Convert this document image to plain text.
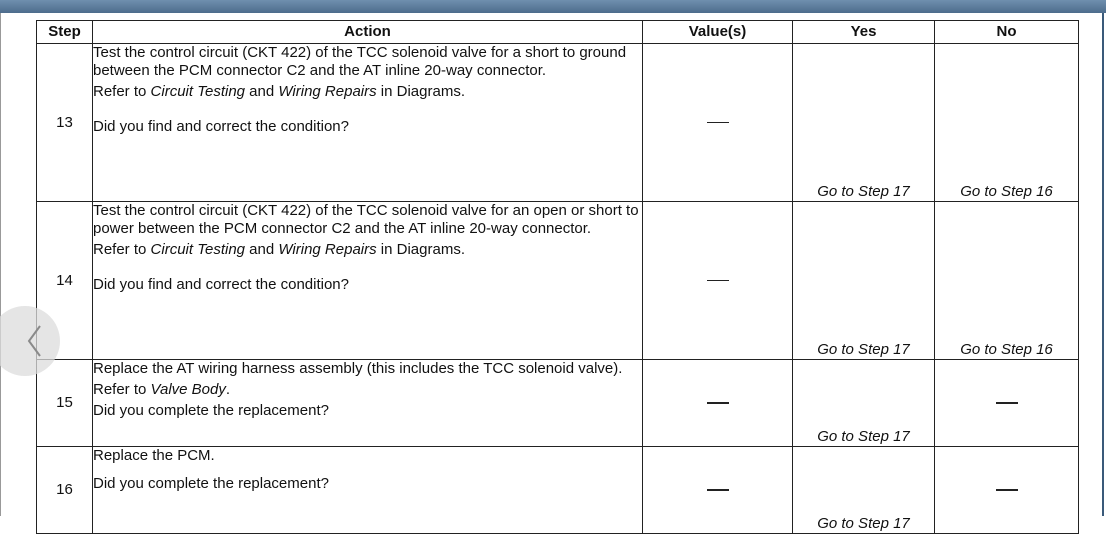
Step	Action	Value(s)	Yes	No
13	Test the control circuit (CKT 422) of the TCC solenoid valve for a short to ground between the PCM connector C2 and the AT inline 20-way connector.

Refer to Circuit Testing and Wiring Repairs in Diagrams.

Did you find and correct the condition?		Go to Step 17	Go to Step 16
14	Test the control circuit (CKT 422) of the TCC solenoid valve for an open or short to power between the PCM connector C2 and the AT inline 20-way connector.

Refer to Circuit Testing and Wiring Repairs in Diagrams.

Did you find and correct the condition?		Go to Step 17	Go to Step 16
15	Replace the AT wiring harness assembly (this includes the TCC solenoid valve).

Refer to Valve Body.

Did you complete the replacement?		Go to Step 17	
16	Replace the PCM.

Did you complete the replacement?		Go to Step 17	
